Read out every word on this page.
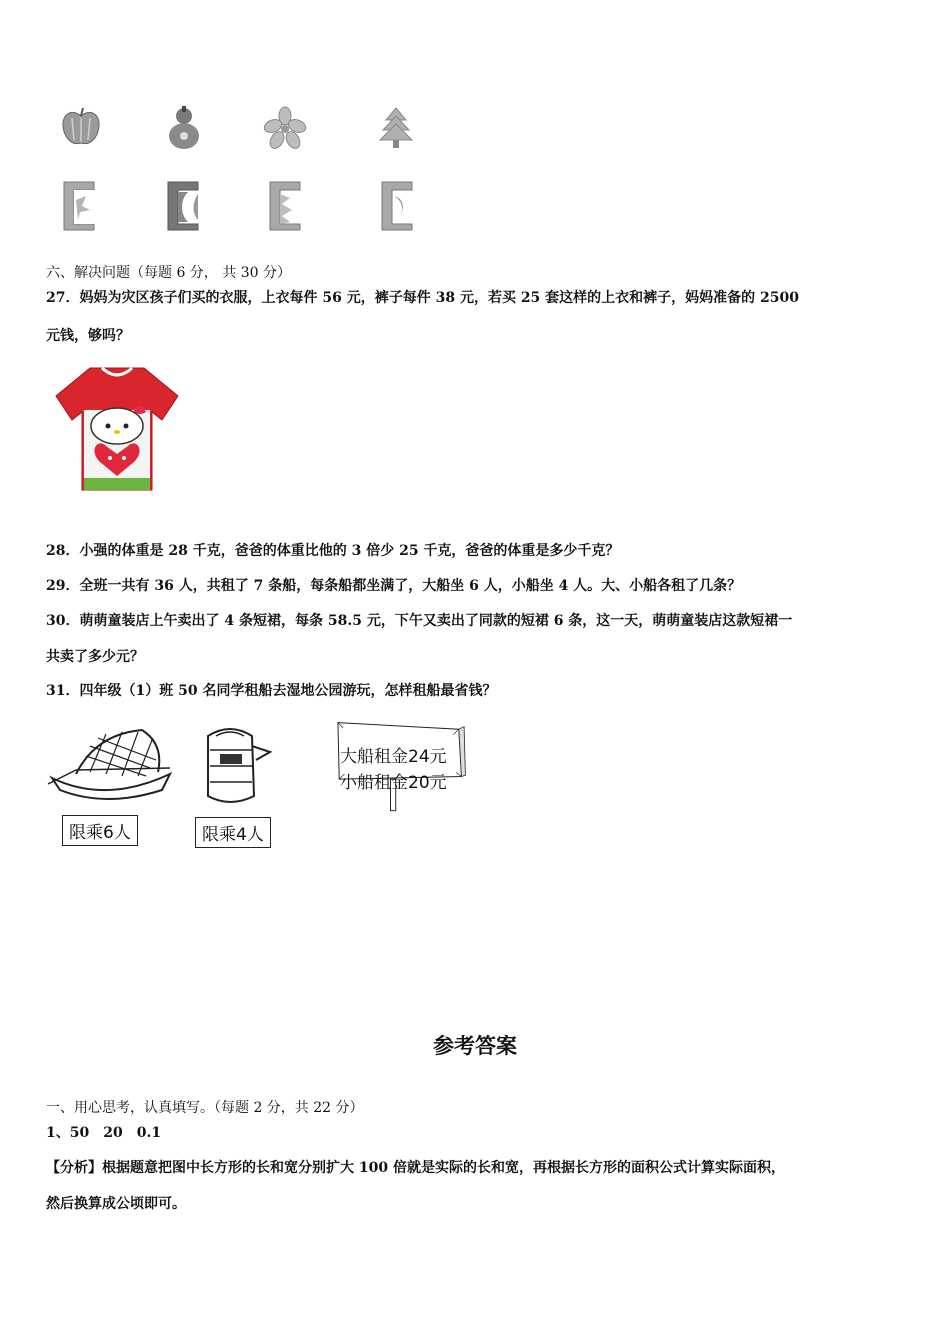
六、解决问题（每题 6 分， 共 30 分）
27．妈妈为灾区孩子们买的衣服，上衣每件 56 元，裤子每件 38 元，若买 25 套这样的上衣和裤子，妈妈准备的 2500
元钱，够吗？
28．小强的体重是 28 千克，爸爸的体重比他的 3 倍少 25 千克，爸爸的体重是多少千克？
29．全班一共有 36 人，共租了 7 条船，每条船都坐满了，大船坐 6 人，小船坐 4 人。大、小船各租了几条？
30．萌萌童装店上午卖出了 4 条短裙，每条 58.5 元，下午又卖出了同款的短裙 6 条，这一天，萌萌童装店这款短裙一
共卖了多少元？
31．四年级（1）班 50 名同学租船去湿地公园游玩，怎样租船最省钱？
限乘6人	限乘4人
大船租金24元
小船租金20元
参考答案
一、用心思考，认真填写。（每题 2 分，共 22 分）
1、50　20　0.1
【分析】根据题意把图中长方形的长和宽分别扩大 100 倍就是实际的长和宽，再根据长方形的面积公式计算实际面积，
然后换算成公顷即可。
